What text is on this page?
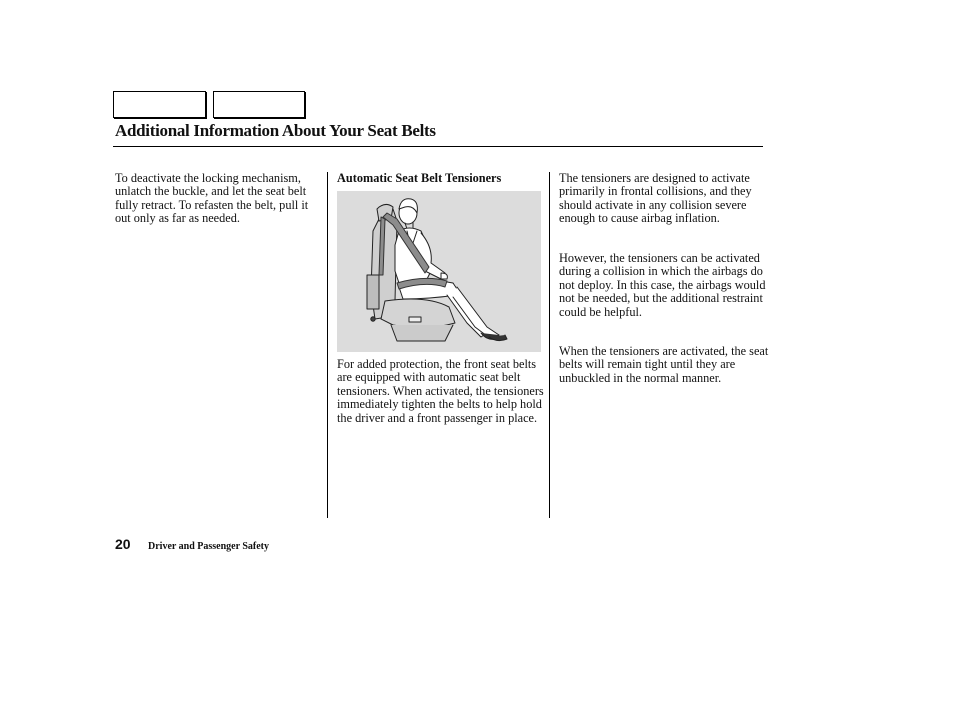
Additional Information About Your Seat Belts

To deactivate the locking mechanism, unlatch the buckle, and let the seat belt fully retract. To refasten the belt, pull it out only as far as needed.

Automatic Seat Belt Tensioners

For added protection, the front seat belts are equipped with automatic seat belt tensioners. When activated, the tensioners immediately tighten the belts to help hold the driver and a front passenger in place.

The tensioners are designed to activate primarily in frontal collisions, and they should activate in any collision severe enough to cause airbag inflation.

However, the tensioners can be activated during a collision in which the airbags do not deploy. In this case, the airbags would not be needed, but the additional restraint could be helpful.

When the tensioners are activated, the seat belts will remain tight until they are unbuckled in the normal manner.

20 Driver and Passenger Safety
